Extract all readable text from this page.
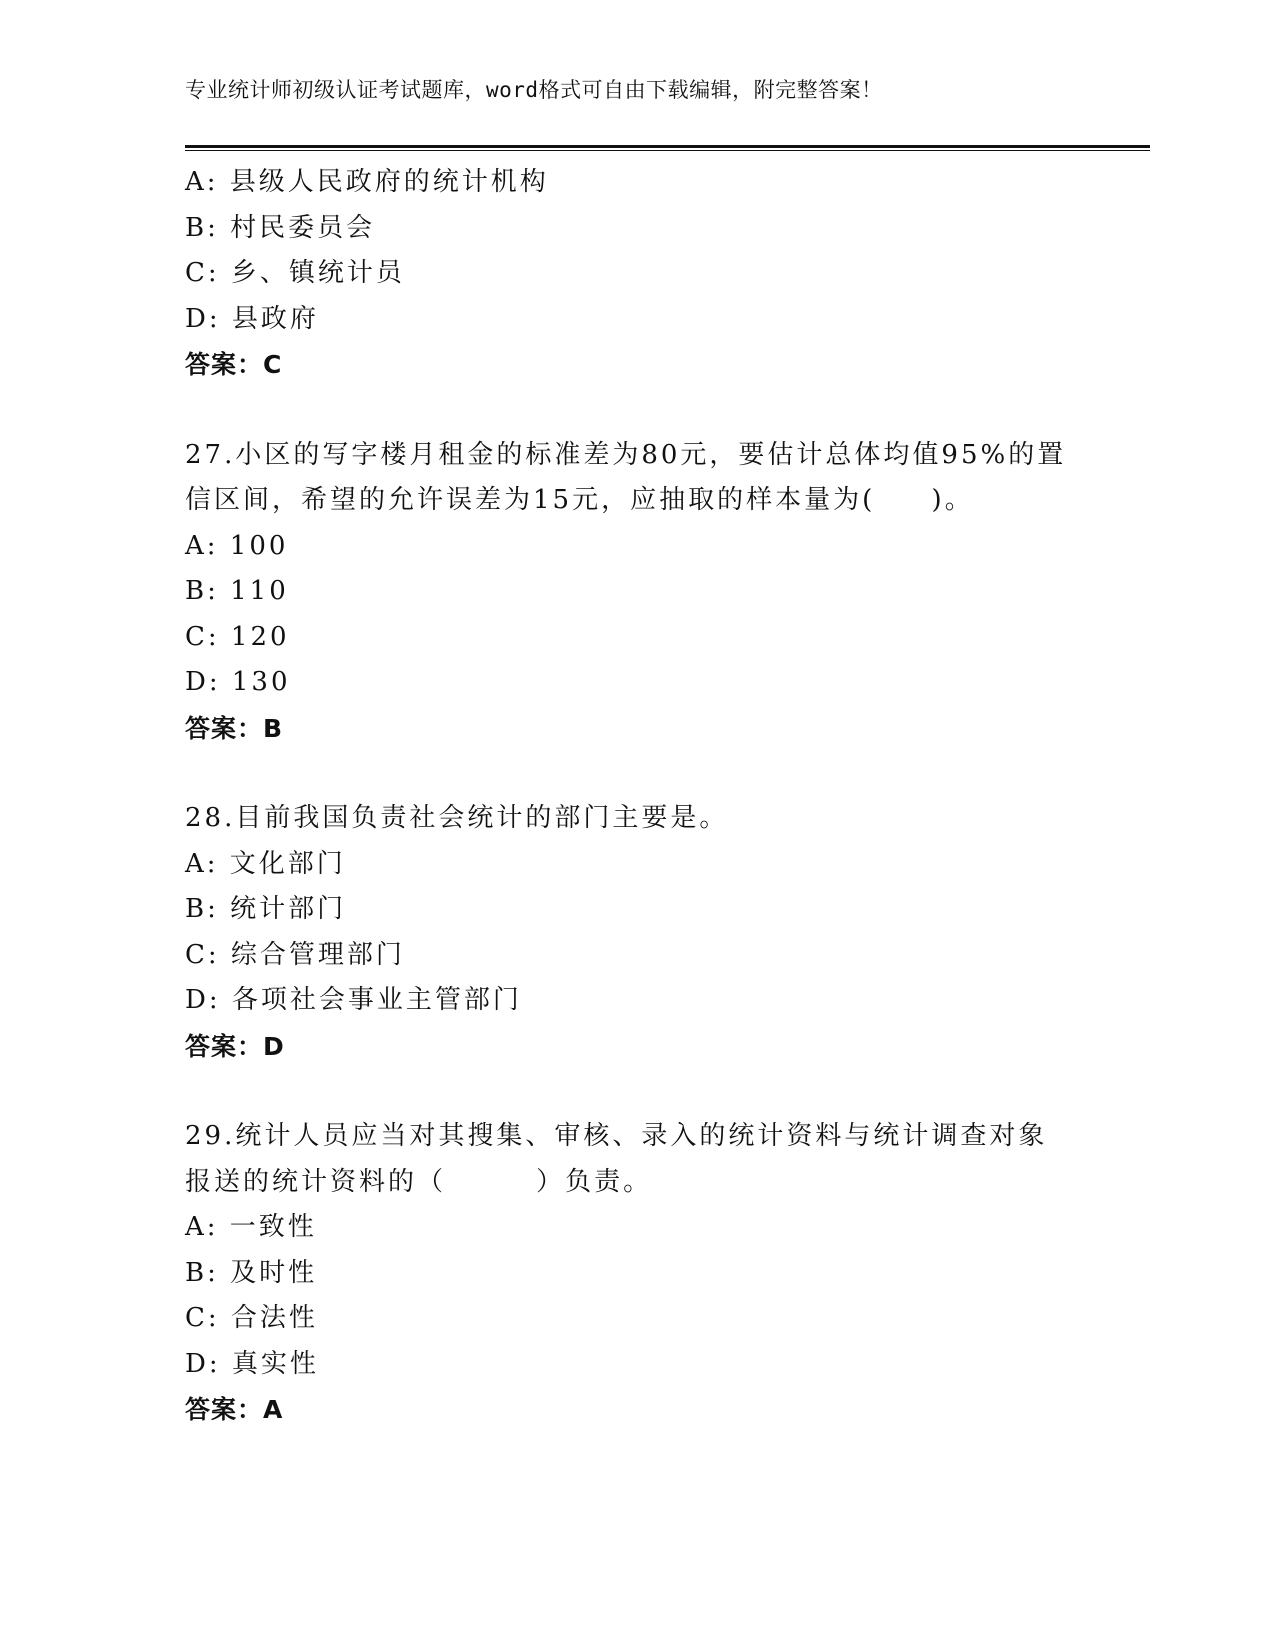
专业统计师初级认证考试题库，word格式可自由下载编辑，附完整答案！
A: 县级人民政府的统计机构
B: 村民委员会
C: 乡、镇统计员
D: 县政府
答案：C
27.小区的写字楼月租金的标准差为80元，要估计总体均值95%的置信区间，希望的允许误差为15元，应抽取的样本量为(     )。
A: 100
B: 110
C: 120
D: 130
答案：B
28.目前我国负责社会统计的部门主要是。
A: 文化部门
B: 统计部门
C: 综合管理部门
D: 各项社会事业主管部门
答案：D
29.统计人员应当对其搜集、审核、录入的统计资料与统计调查对象报送的统计资料的（        ）负责。
A: 一致性
B: 及时性
C: 合法性
D: 真实性
答案：A
